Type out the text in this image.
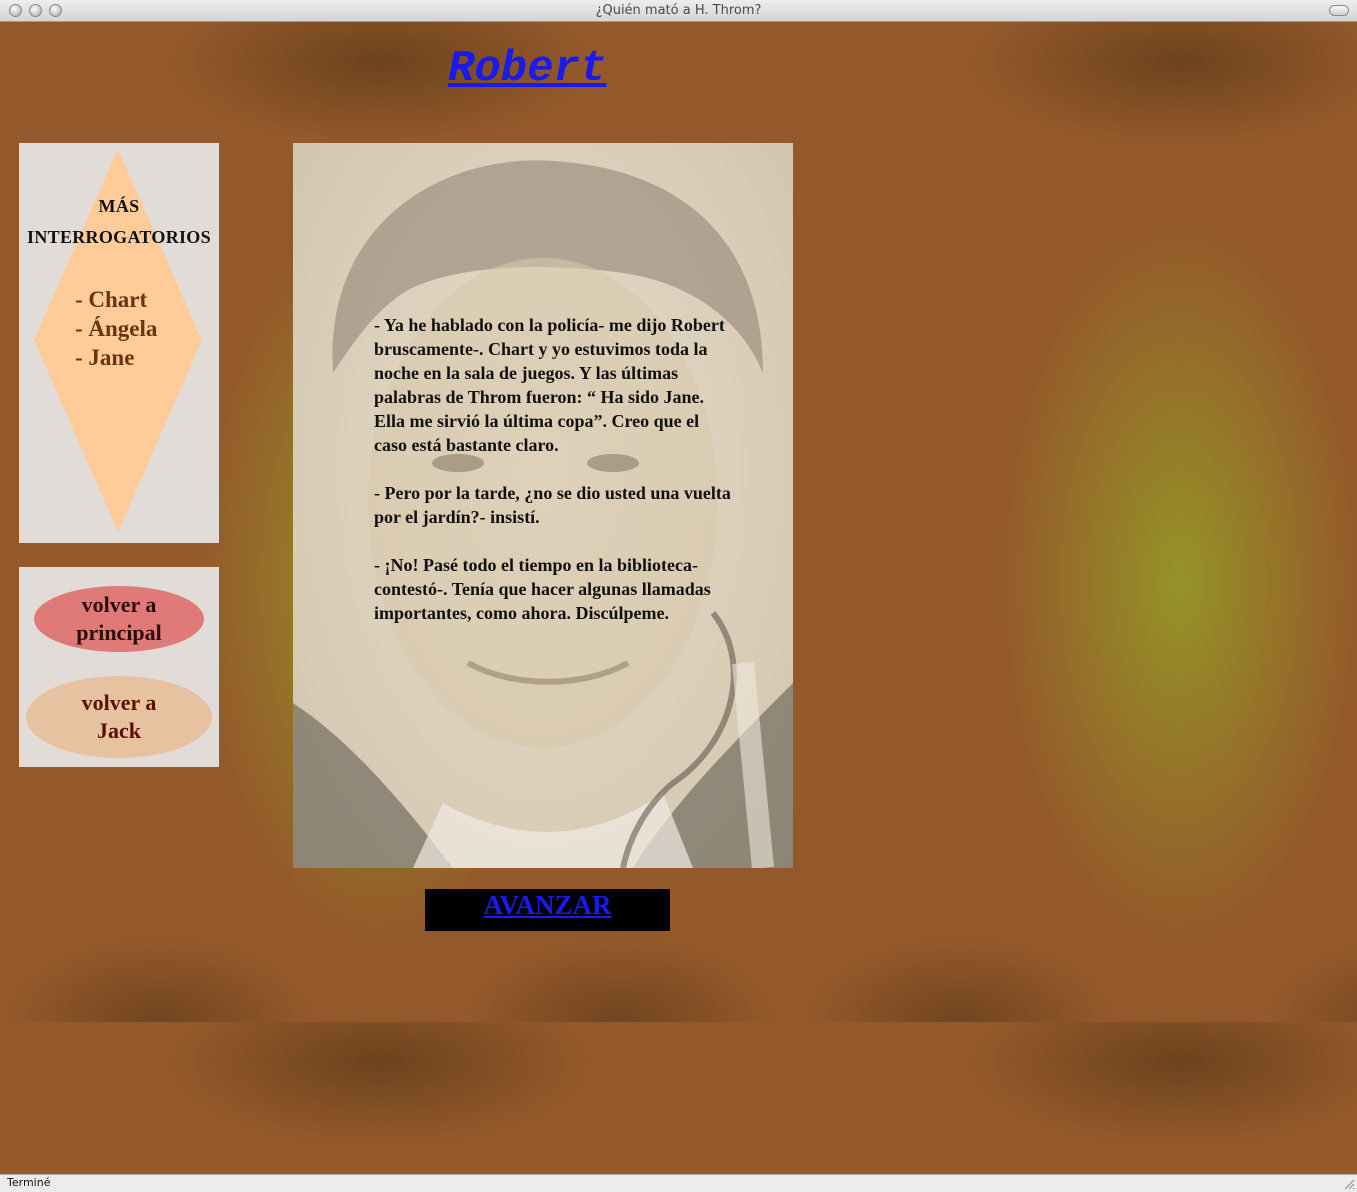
¿Quién mató a H. Throm?
Robert
MÁS
INTERROGATORIOS
- Chart
- Ángela
- Jane
volver a
principal
volver a
Jack

- Ya he hablado con la policía- me dijo Robert bruscamente-. Chart y yo estuvimos toda la noche en la sala de juegos. Y las últimas palabras de Throm fueron: “ Ha sido Jane. Ella me sirvió la última copa”. Creo que el caso está bastante claro.

- Pero por la tarde, ¿no se dio usted una vuelta por el jardín?- insistí.

- ¡No! Pasé todo el tiempo en la biblioteca- contestó-. Tenía que hacer algunas llamadas importantes, como ahora. Discúlpeme.

AVANZAR
Terminé
